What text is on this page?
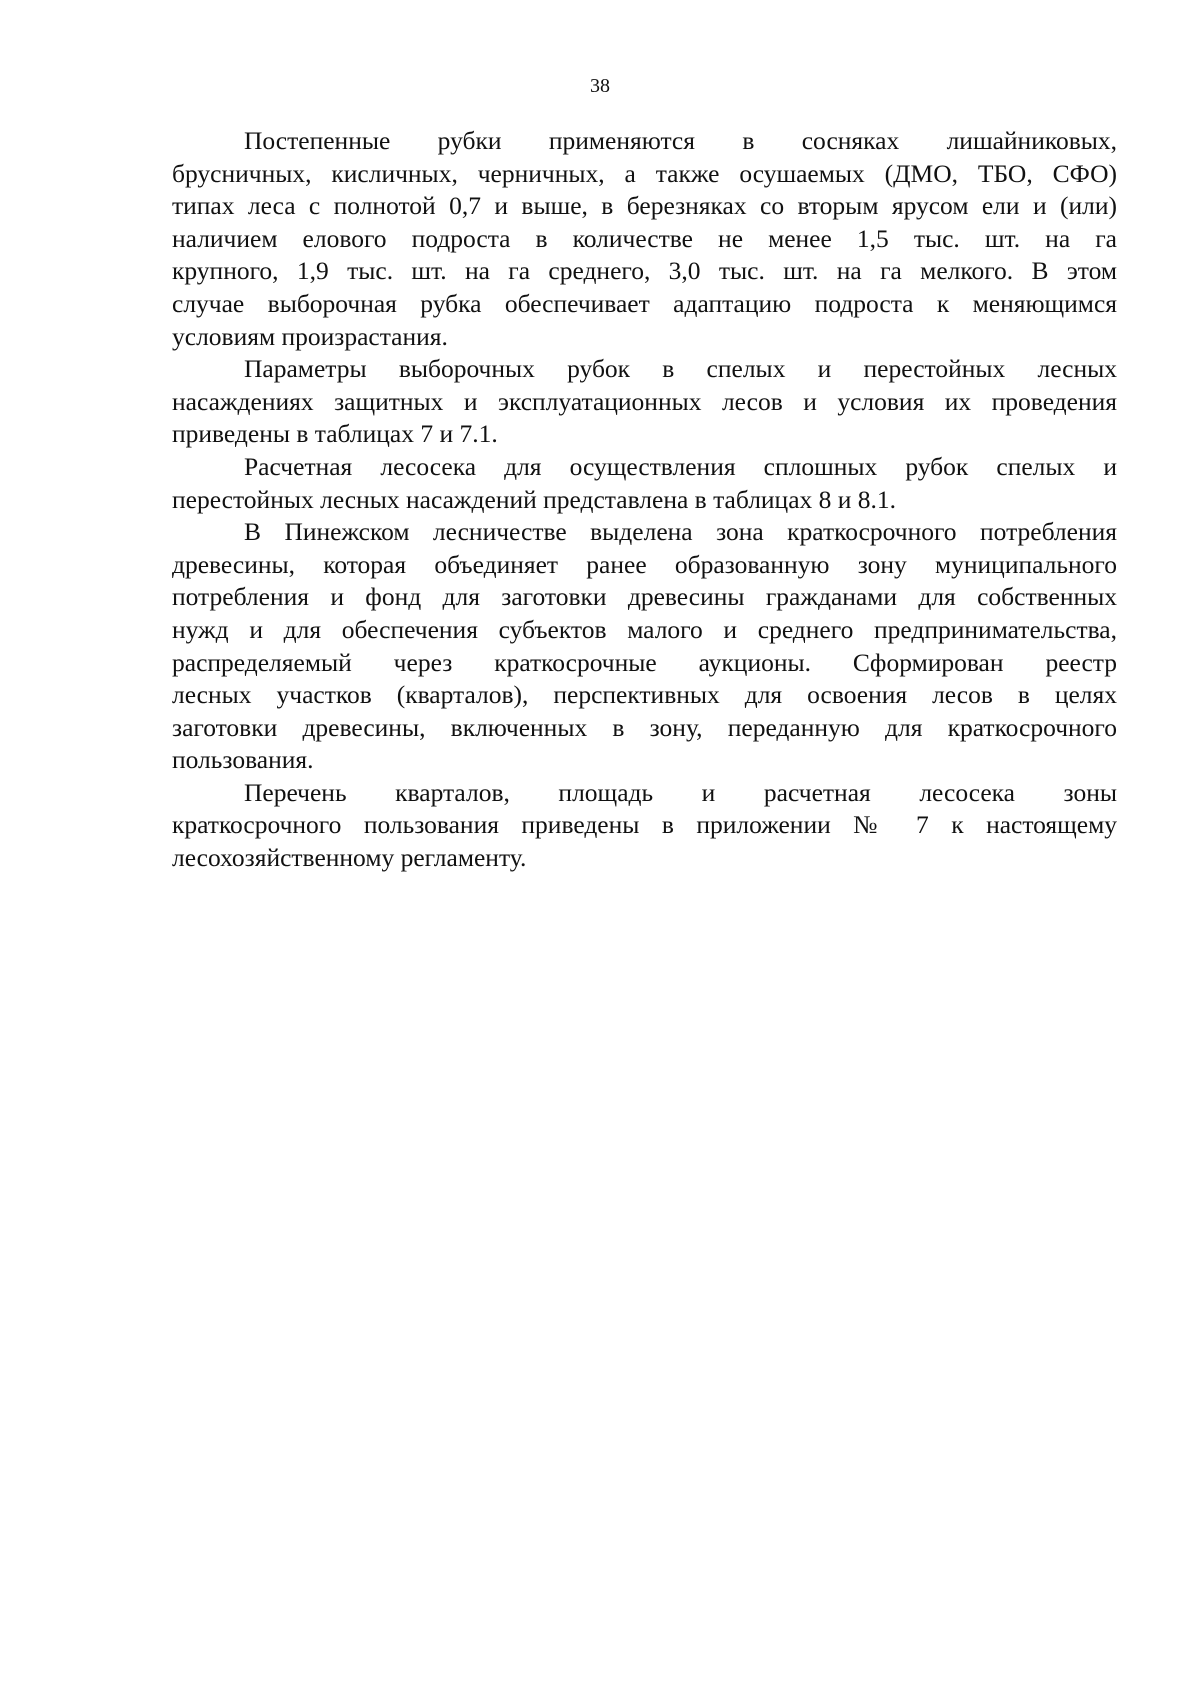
38
Постепенные рубки применяются в сосняках лишайниковых,
брусничных, кисличных, черничных, а также осушаемых (ДМО, ТБО, СФО)
типах леса с полнотой 0,7 и выше, в березняках со вторым ярусом ели и (или)
наличием елового подроста в количестве не менее 1,5 тыс. шт. на га
крупного, 1,9 тыс. шт. на га среднего, 3,0 тыс. шт. на га мелкого. В этом
случае выборочная рубка обеспечивает адаптацию подроста к меняющимся
условиям произрастания.
Параметры выборочных рубок в спелых и перестойных лесных
насаждениях защитных и эксплуатационных лесов и условия их проведения
приведены в таблицах 7 и 7.1.
Расчетная лесосека для осуществления сплошных рубок спелых и
перестойных лесных насаждений представлена в таблицах 8 и 8.1.
В Пинежском лесничестве выделена зона краткосрочного потребления
древесины, которая объединяет ранее образованную зону муниципального
потребления и фонд для заготовки древесины гражданами для собственных
нужд и для обеспечения субъектов малого и среднего предпринимательства,
распределяемый через краткосрочные аукционы. Сформирован реестр
лесных участков (кварталов), перспективных для освоения лесов в целях
заготовки древесины, включенных в зону, переданную для краткосрочного
пользования.
Перечень кварталов, площадь и расчетная лесосека зоны
краткосрочного пользования приведены в приложении № 7 к настоящему
лесохозяйственному регламенту.
